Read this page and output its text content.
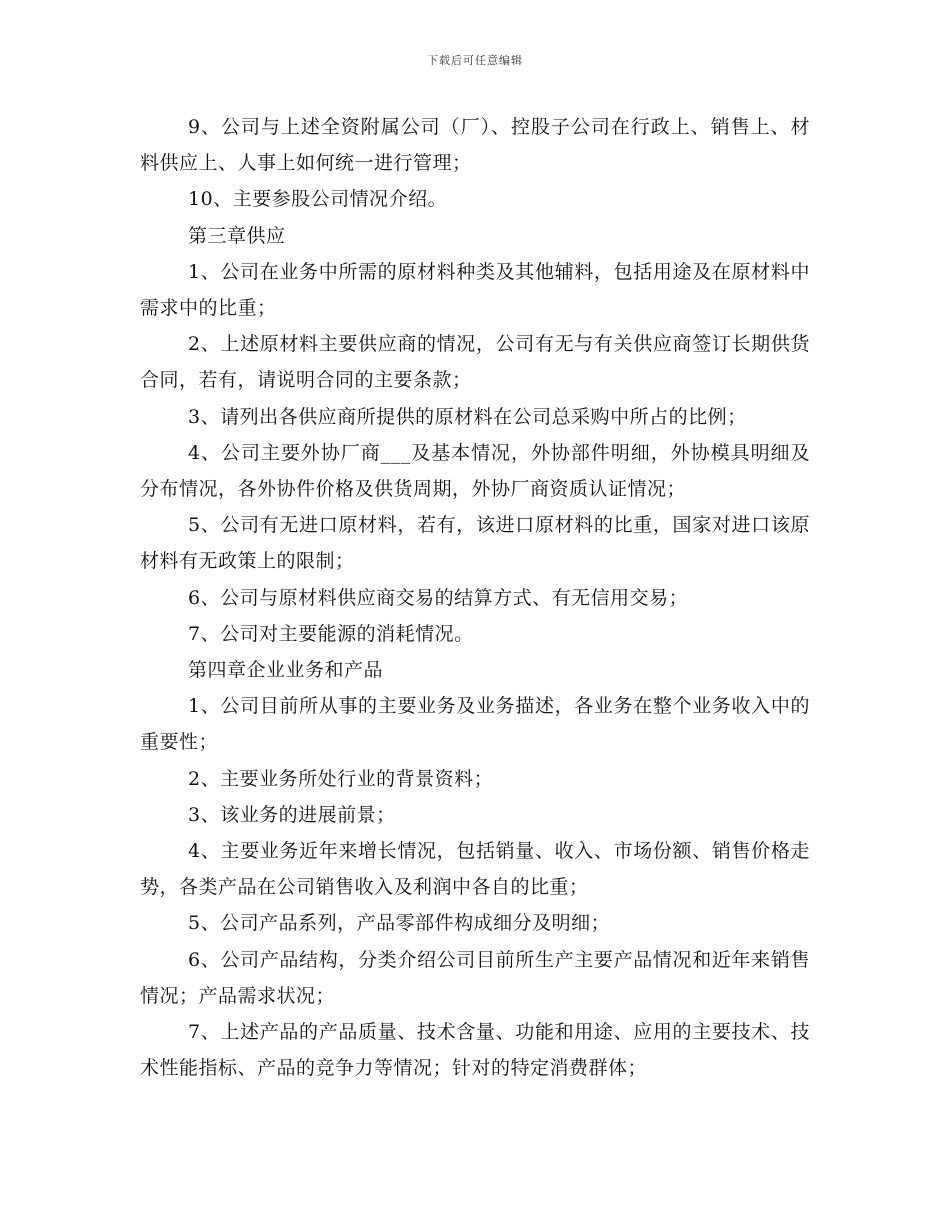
下载后可任意编辑

9、公司与上述全资附属公司（厂）、控股子公司在行政上、销售上、材料供应上、人事上如何统一进行管理；

10、主要参股公司情况介绍。

第三章供应

1、公司在业务中所需的原材料种类及其他辅料，包括用途及在原材料中需求中的比重；

2、上述原材料主要供应商的情况，公司有无与有关供应商签订长期供货合同，若有，请说明合同的主要条款；

3、请列出各供应商所提供的原材料在公司总采购中所占的比例；

4、公司主要外协厂商___及基本情况，外协部件明细，外协模具明细及分布情况，各外协件价格及供货周期，外协厂商资质认证情况；

5、公司有无进口原材料，若有，该进口原材料的比重，国家对进口该原材料有无政策上的限制；

6、公司与原材料供应商交易的结算方式、有无信用交易；

7、公司对主要能源的消耗情况。

第四章企业业务和产品

1、公司目前所从事的主要业务及业务描述，各业务在整个业务收入中的重要性；

2、主要业务所处行业的背景资料；

3、该业务的进展前景；

4、主要业务近年来增长情况，包括销量、收入、市场份额、销售价格走势，各类产品在公司销售收入及利润中各自的比重；

5、公司产品系列，产品零部件构成细分及明细；

6、公司产品结构，分类介绍公司目前所生产主要产品情况和近年来销售情况；产品需求状况；

7、上述产品的产品质量、技术含量、功能和用途、应用的主要技术、技术性能指标、产品的竞争力等情况；针对的特定消费群体；
